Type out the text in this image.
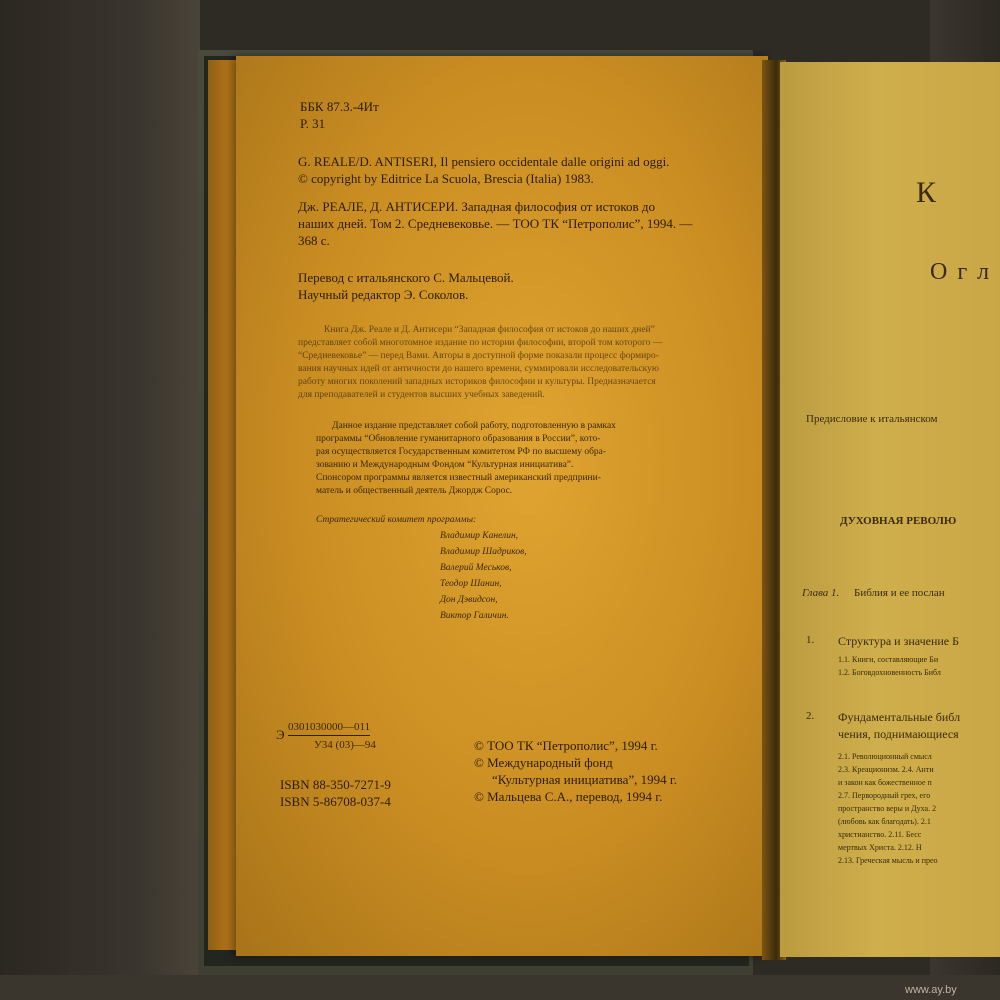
ББК 87.3.-4Ит
Р. 31
G. REALE/D. ANTISERI, Il pensiero occidentale dalle origini ad oggi.
© copyright by Editrice La Scuola, Brescia (Italia) 1983.
Дж. РЕАЛЕ, Д. АНТИСЕРИ. Западная философия от истоков до
наших дней. Том 2. Средневековье. — ТОО ТК “Петрополис”, 1994. —
368 с.
Перевод с итальянского С. Мальцевой.
Научный редактор Э. Соколов.
Книга Дж. Реале и Д. Антисери “Западная философия от истоков до наших дней”
представляет собой многотомное издание по истории философии, второй том которого —
“Средневековье” — перед Вами. Авторы в доступной форме показали процесс формиро-
вания научных идей от античности до нашего времени, суммировали исследовательскую
работу многих поколений западных историков философии и культуры. Предназначается
для преподавателей и студентов высших учебных заведений.
Данное издание представляет собой работу, подготовленную в рамках
программы “Обновление гуманитарного образования в России”, кото-
рая осуществляется Государственным комитетом РФ по высшему обра-
зованию и Международным Фондом “Культурная инициатива”.
Спонсором программы является известный американский предприни-
матель и общественный деятель Джордж Сорос.
Стратегический комитет программы:
Владимир Канелин,
Владимир Шадриков,
Валерий Меськов,
Теодор Шанин,
Дон Дэвидсон,
Виктор Галичин.
Э 0301030000—011
У34 (03)—94
ISBN 88-350-7271-9
ISBN 5-86708-037-4
© ТОО ТК “Петрополис”, 1994 г.
© Международный фонд
“Культурная инициатива”, 1994 г.
© Мальцева С.А., перевод, 1994 г.
К
О г л
Предисловие к итальянском
ДУХОВНАЯ РЕВОЛЮ
Глава 1. Библия и ее послан
1. Структура и значение Б
1.1. Книги, составляющие Би
1.2. Боговдохновенность Библ
2. Фундаментальные библ
чения, поднимающиеся
2.1. Революционный смысл
2.3. Креационизм. 2.4. Анти
и закон как божественное п
2.7. Первородный грех, его
пространство веры и Духа. 2
(любовь как благодать). 2.1
христианство. 2.11. Бесс
мертвых Христа. 2.12. Н
2.13. Греческая мысль и прео
www.ay.by
